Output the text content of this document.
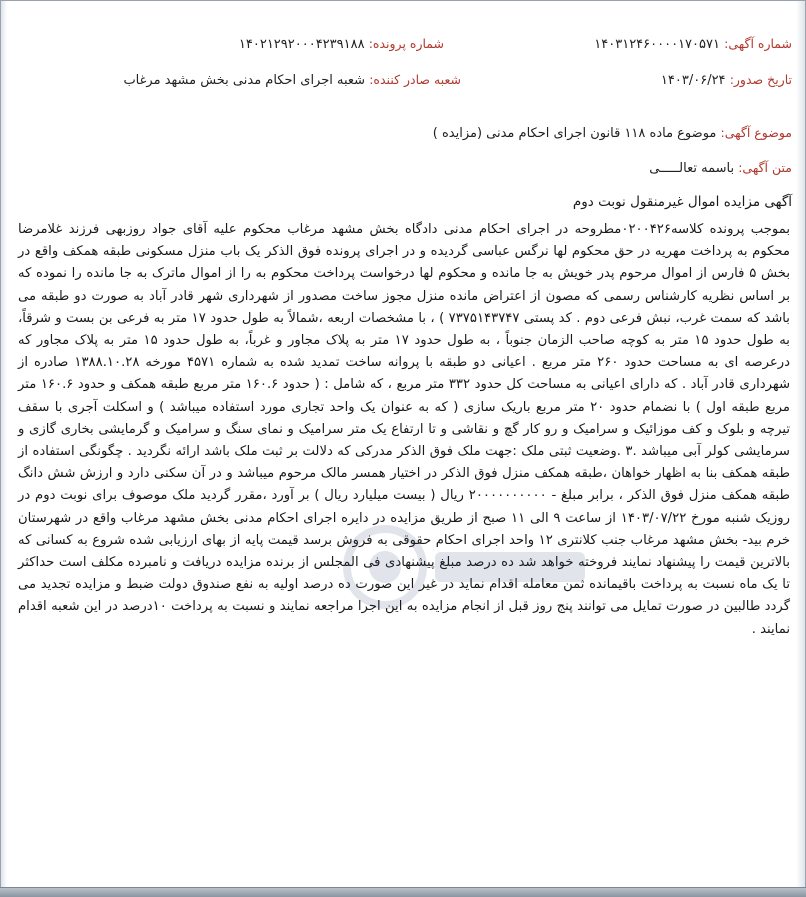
شماره آگهی: ۱۴۰۳۱۲۴۶۰۰۰۰۱۷۰۵۷۱
شماره پرونده: ۱۴۰۲۱۲۹۲۰۰۰۴۲۳۹۱۸۸
تاریخ صدور: ۱۴۰۳/۰۶/۲۴
شعبه صادر کننده: شعبه اجرای احکام مدنی بخش مشهد مرغاب
موضوع آگهی: موضوع ماده ۱۱۸ قانون اجرای احکام مدنی (مزایده )
متن آگهی: باسمه تعالـــــی
آگهی مزایده اموال غیرمنقول نوبت دوم
بموجب پرونده کلاسه۰۲۰۰۴۲۶مطروحه در اجرای احکام مدنی دادگاه بخش مشهد مرغاب محکوم علیه آقای جواد روزبهی فرزند غلامرضا محکوم به پرداخت مهریه در حق محکوم لها نرگس عباسی گردیده و در اجرای پرونده فوق الذکر یک باب منزل مسکونی طبقه همکف واقع در بخش ۵ فارس از اموال مرحوم پدر خویش به جا مانده و محکوم لها درخواست پرداخت محکوم به را از اموال ماترک به جا مانده را نموده که بر اساس نظریه کارشناس رسمی که مصون از اعتراض مانده منزل مجوز ساخت مصدور از شهرداری شهر قادر آباد به صورت دو طبقه می باشد که سمت غرب، نبش فرعی دوم . کد پستی ۷۳۷۵۱۴۳۷۴۷ ) ، با مشخصات اربعه ،شمالاً به طول حدود ۱۷ متر به فرعی بن بست و شرقاً، به طول حدود ۱۵ متر به کوچه صاحب الزمان جنوباً ، به طول حدود ۱۷ متر به پلاک مجاور و غرباً، به طول حدود ۱۵ متر به پلاک مجاور که درعرصه ای به مساحت حدود ۲۶۰ متر مربع . اعیانی دو طبقه با پروانه ساخت تمدید شده به شماره ۴۵۷۱ مورخه ۱۳۸۸.۱۰.۲۸ صادره از شهرداری قادر آباد . که دارای اعیانی به مساحت کل حدود ۳۳۲ متر مربع ، که شامل : ( حدود ۱۶۰.۶ متر مربع طبقه همکف و حدود ۱۶۰.۶ متر مربع طبقه اول ) با نضمام حدود ۲۰ متر مربع باریک سازی ( که به عنوان یک واحد تجاری مورد استفاده میباشد ) و اسکلت آجری با سقف تیرچه و بلوک و کف موزائیک و سرامیک و رو کار گچ و نقاشی و تا ارتفاع یک متر سرامیک و نمای سنگ و سرامیک و گرمایشی بخاری گازی و سرمایشی کولر آبی میباشد .۳ .وضعیت ثبتی ملک :جهت ملک فوق الذکر مدرکی که دلالت بر ثبت ملک باشد ارائه نگردید . چگونگی استفاده از طبقه همکف بنا به اظهار خواهان ،طبقه همکف منزل فوق الذکر در اختیار همسر مالک مرحوم میباشد و در آن سکنی دارد و ارزش شش دانگ طبقه همکف منزل فوق الذکر ، برابر مبلغ - ۲۰۰۰۰۰۰۰۰۰۰ ریال ( بیست میلیارد ریال ) بر آورد ،مقرر گردید ملک موصوف برای نوبت دوم در روزیک شنبه مورخ ۱۴۰۳/۰۷/۲۲ از ساعت ۹ الی ۱۱ صبح از طریق مزایده در دایره اجرای احکام مدنی بخش مشهد مرغاب واقع در شهرستان خرم بید- بخش مشهد مرغاب جنب کلانتری ۱۲ واحد اجرای احکام حقوقی به فروش برسد قیمت پایه از بهای ارزیابی شده شروع به کسانی که بالاترین قیمت را پیشنهاد نمایند فروخته خواهد شد ده درصد مبلغ پیشنهادی فی المجلس از برنده مزایده دریافت و نامبرده مکلف است حداکثر تا یک ماه نسبت به پرداخت باقیمانده ثمن معامله اقدام نماید در غیر این صورت ده درصد اولیه به نفع صندوق دولت ضبط و مزایده تجدید می گردد طالبین در صورت تمایل می توانند پنج روز قبل از انجام مزایده به این اجرا مراجعه نمایند و نسبت به پرداخت ۱۰درصد در این شعبه اقدام نمایند .
